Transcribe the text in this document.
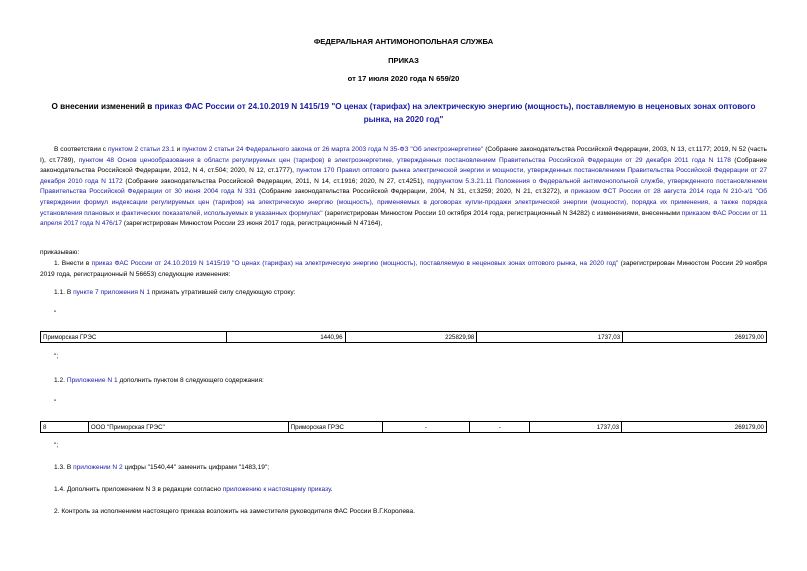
ФЕДЕРАЛЬНАЯ АНТИМОНОПОЛЬНАЯ СЛУЖБА
ПРИКАЗ
от 17 июля 2020 года N 659/20
О внесении изменений в приказ ФАС России от 24.10.2019 N 1415/19 "О ценах (тарифах) на электрическую энергию (мощность), поставляемую в неценовых зонах оптового рынка, на 2020 год"
В соответствии с пунктом 2 статьи 23.1 и пунктом 2 статьи 24 Федерального закона от 26 марта 2003 года N 35-ФЗ "Об электроэнергетике" (Собрание законодательства Российской Федерации, 2003, N 13, ст.1177; 2019, N 52 (часть I), ст.7789), пунктом 48 Основ ценообразования в области регулируемых цен (тарифов) в электроэнергетике, утвержденных постановлением Правительства Российской Федерации от 29 декабря 2011 года N 1178 (Собрание законодательства Российской Федерации, 2012, N 4, ст.504; 2020, N 12, ст.1777), пунктом 170 Правил оптового рынка электрической энергии и мощности, утвержденных постановлением Правительства Российской Федерации от 27 декабря 2010 года N 1172 (Собрание законодательства Российской Федерации, 2011, N 14, ст.1916; 2020, N 27, ст.4251), подпунктом 5.3.21.11 Положения о Федеральной антимонопольной службе, утвержденного постановлением Правительства Российской Федерации от 30 июня 2004 года N 331 (Собрание законодательства Российской Федерации, 2004, N 31, ст.3259; 2020, N 21, ст.3272), и приказом ФСТ России от 28 августа 2014 года N 210-э/1 "Об утверждении формул индексации регулируемых цен (тарифов) на электрическую энергию (мощность), применяемых в договорах купли-продажи электрической энергии (мощности), порядка их применения, а также порядка установления плановых и фактических показателей, используемых в указанных формулах" (зарегистрирован Минюстом России 10 октября 2014 года, регистрационный N 34282) с изменениями, внесенными приказом ФАС России от 11 апреля 2017 года N 476/17 (зарегистрирован Минюстом России 23 июня 2017 года, регистрационный N 47164),
приказываю:
1. Внести в приказ ФАС России от 24.10.2019 N 1415/19 "О ценах (тарифах) на электрическую энергию (мощность), поставляемую в неценовых зонах оптового рынка, на 2020 год" (зарегистрирован Минюстом России 29 ноября 2019 года, регистрационный N 56653) следующие изменения:
1.1. В пункте 7 приложения N 1 признать утратившей силу следующую строку:
"
Приморская ГРЭС	1440,96	225829,98	1737,03	269179,00
";
1.2. Приложение N 1 дополнить пунктом 8 следующего содержания:
"
8	ООО "Приморская ГРЭС"	Приморская ГРЭС	-	-	1737,03	269179,00
";
1.3. В приложении N 2 цифры "1540,44" заменить цифрами "1483,19";
1.4. Дополнить приложением N 3 в редакции согласно приложению к настоящему приказу.
2. Контроль за исполнением настоящего приказа возложить на заместителя руководителя ФАС России В.Г.Королева.
